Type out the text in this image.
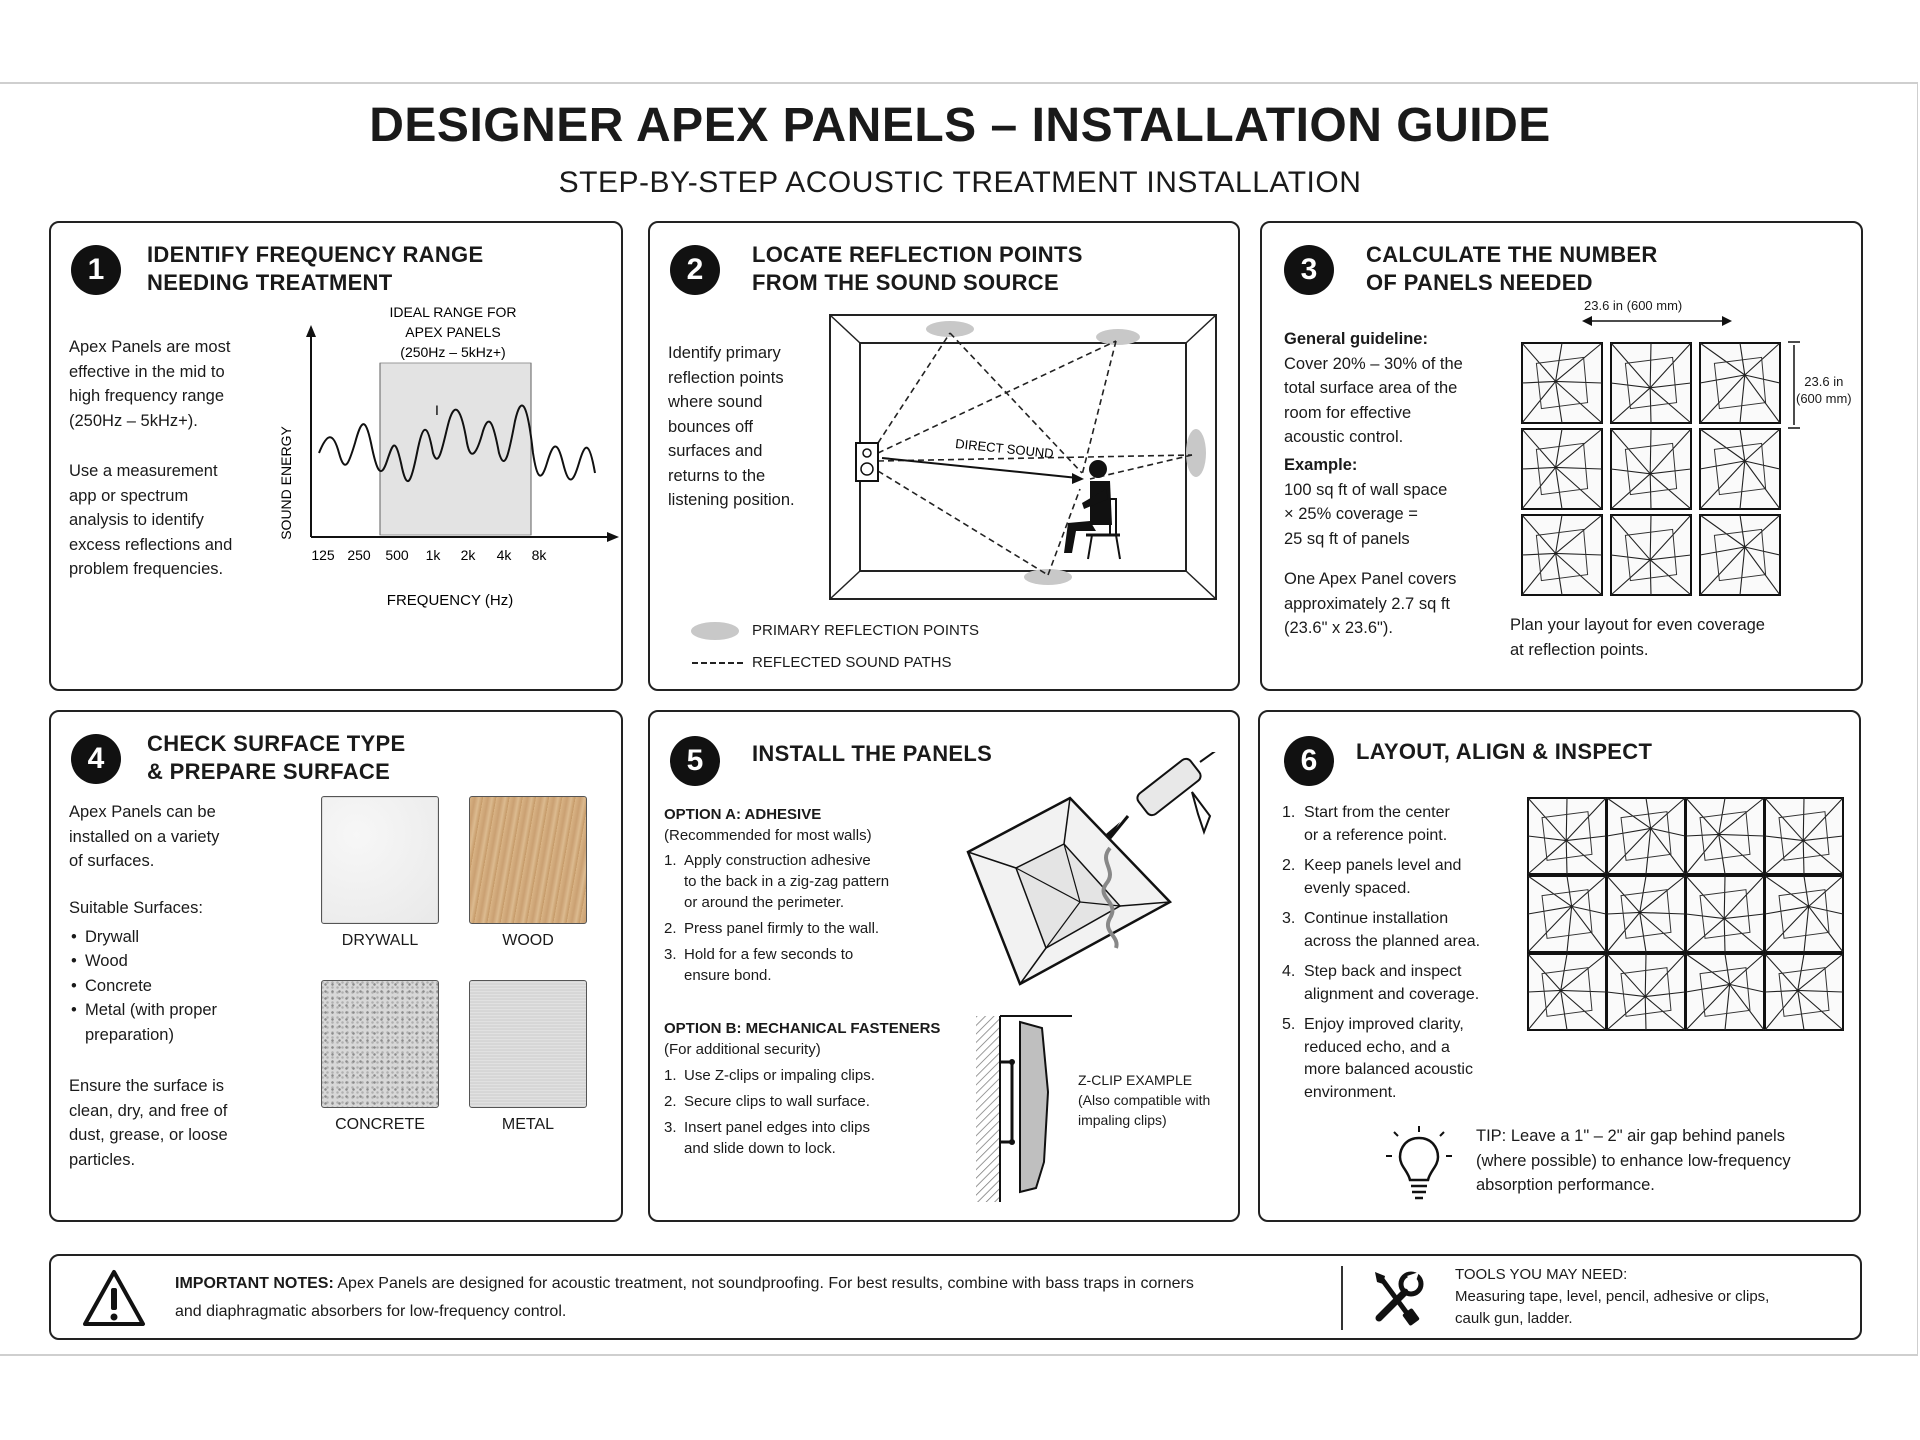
DESIGNER APEX PANELS – INSTALLATION GUIDE
STEP-BY-STEP ACOUSTIC TREATMENT INSTALLATION
1	IDENTIFY FREQUENCY RANGE
NEEDING TREATMENT
Apex Panels are most
effective in the mid to
high frequency range
(250Hz – 5kHz+).
Use a measurement
app or spectrum
analysis to identify
excess reflections and
problem frequencies.
IDEAL RANGE FOR
APEX PANELS
(250Hz – 5kHz+)
I
SOUND ENERGY
125 250 500 1k 2k 4k 8k
FREQUENCY (Hz)
2	LOCATE REFLECTION POINTS
FROM THE SOUND SOURCE
Identify primary
reflection points
where sound
bounces off
surfaces and
returns to the
listening position.
DIRECT SOUND
PRIMARY REFLECTION POINTS
REFLECTED SOUND PATHS
3	CALCULATE THE NUMBER
OF PANELS NEEDED
General guideline:
Cover 20% – 30% of the
total surface area of the
room for effective
acoustic control.
Example:
100 sq ft of wall space
× 25% coverage =
25 sq ft of panels
One Apex Panel covers
approximately 2.7 sq ft
(23.6" x 23.6").
23.6 in (600 mm)
23.6 in
(600 mm)
Plan your layout for even coverage
at reflection points.
4	CHECK SURFACE TYPE
& PREPARE SURFACE
Apex Panels can be
installed on a variety
of surfaces.
Suitable Surfaces:
• Drywall
• Wood
• Concrete
• Metal (with proper
preparation)
Ensure the surface is
clean, dry, and free of
dust, grease, or loose
particles.
DRYWALL	WOOD
CONCRETE	METAL
5	INSTALL THE PANELS
OPTION A: ADHESIVE
(Recommended for most walls)
1. Apply construction adhesive
to the back in a zig-zag pattern
or around the perimeter.
2. Press panel firmly to the wall.
3. Hold for a few seconds to
ensure bond.
OPTION B: MECHANICAL FASTENERS
(For additional security)
1. Use Z-clips or impaling clips.
2. Secure clips to wall surface.
3. Insert panel edges into clips
and slide down to lock.
Z-CLIP EXAMPLE
(Also compatible with
impaling clips)
6	LAYOUT, ALIGN & INSPECT
1. Start from the center
or a reference point.
2. Keep panels level and
evenly spaced.
3. Continue installation
across the planned area.
4. Step back and inspect
alignment and coverage.
5. Enjoy improved clarity,
reduced echo, and a
more balanced acoustic
environment.
TIP: Leave a 1" – 2" air gap behind panels
(where possible) to enhance low-frequency
absorption performance.
IMPORTANT NOTES: Apex Panels are designed for acoustic treatment, not soundproofing. For best results, combine with bass traps in corners
and diaphragmatic absorbers for low-frequency control.
TOOLS YOU MAY NEED:
Measuring tape, level, pencil, adhesive or clips,
caulk gun, ladder.
